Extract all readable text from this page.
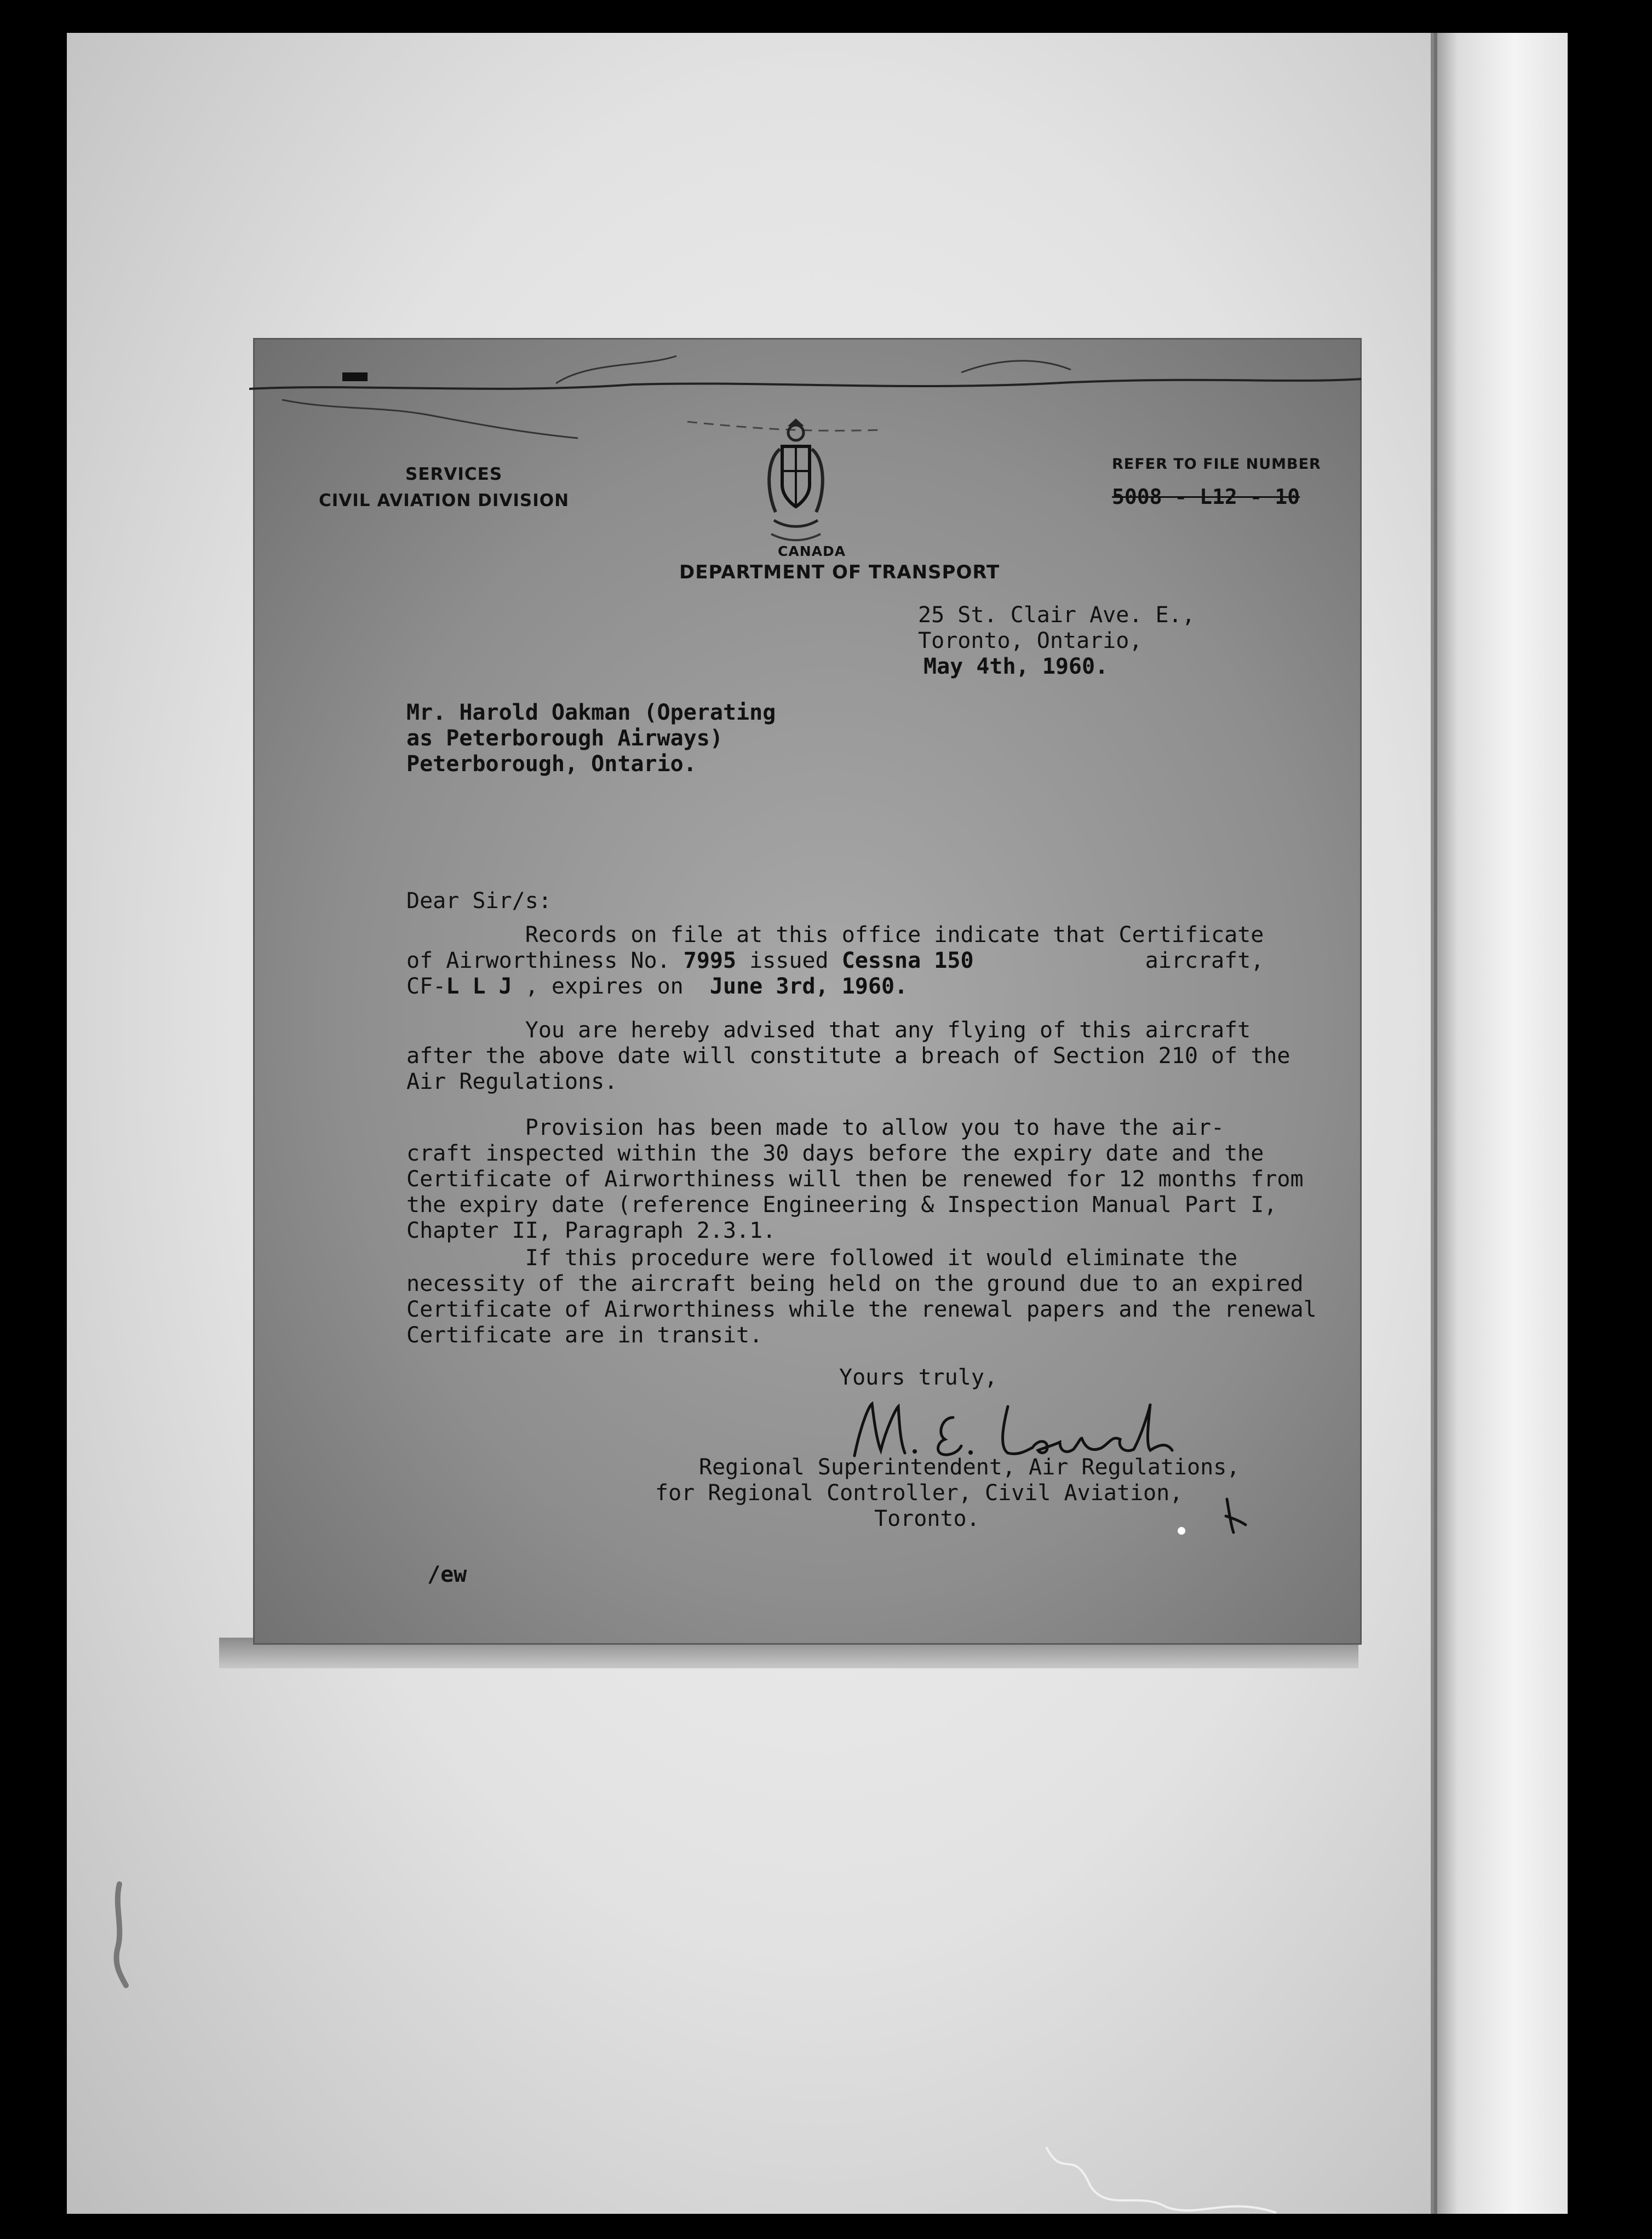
SERVICES
CIVIL AVIATION DIVISION
REFER TO FILE NUMBER
5008 - L12 - 10
CANADA
DEPARTMENT OF TRANSPORT
25 St. Clair Ave. E.,
Toronto, Ontario,
May 4th, 1960.
Mr. Harold Oakman (Operating
as Peterborough Airways)
Peterborough, Ontario.
Dear Sir/s:
Records on file at this office indicate that Certificate
of Airworthiness No. 7995 issued Cessna 150	aircraft,
CF-L L J , expires on  June 3rd, 1960.
You are hereby advised that any flying of this aircraft
after the above date will constitute a breach of Section 210 of the
Air Regulations.
Provision has been made to allow you to have the air-
craft inspected within the 30 days before the expiry date and the
Certificate of Airworthiness will then be renewed for 12 months from
the expiry date (reference Engineering & Inspection Manual Part I,
Chapter II, Paragraph 2.3.1.
If this procedure were followed it would eliminate the
necessity of the aircraft being held on the ground due to an expired
Certificate of Airworthiness while the renewal papers and the renewal
Certificate are in transit.
Yours truly,
Regional Superintendent, Air Regulations,
for Regional Controller, Civil Aviation,
Toronto.
/ew
